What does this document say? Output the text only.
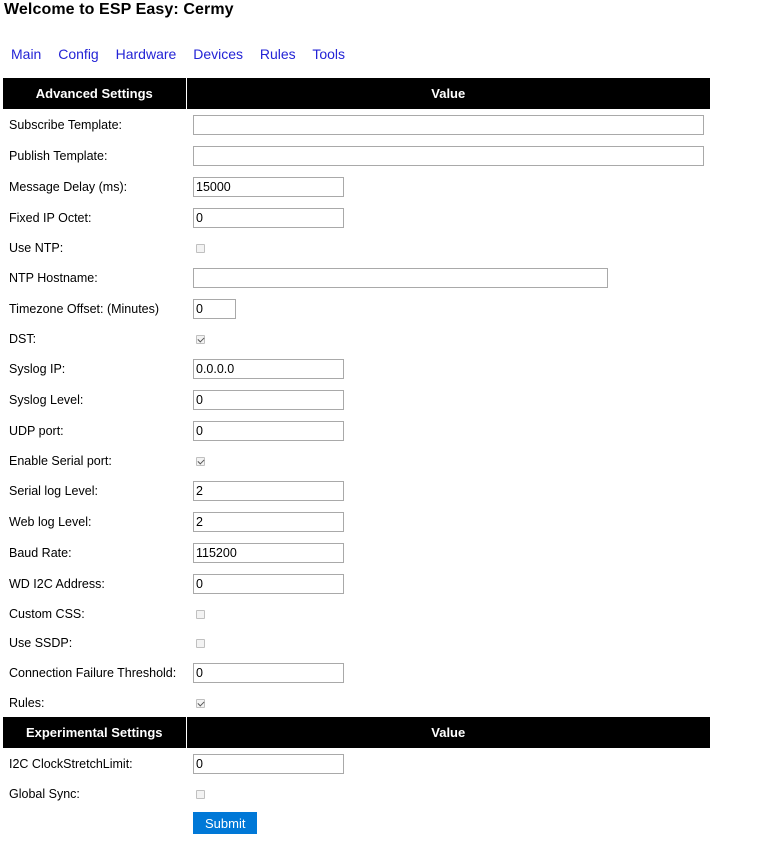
Welcome to ESP Easy: Cermy
Main Config Hardware Devices Rules Tools
Advanced Settings	Value
Subscribe Template:	
Publish Template:	
Message Delay (ms):	15000
Fixed IP Octet:	0
Use NTP:	
NTP Hostname:	
Timezone Offset: (Minutes)	0
DST:	
Syslog IP:	0.0.0.0
Syslog Level:	0
UDP port:	0
Enable Serial port:	
Serial log Level:	2
Web log Level:	2
Baud Rate:	115200
WD I2C Address:	0
Custom CSS:	
Use SSDP:	
Connection Failure Threshold:	0
Rules:	
Experimental Settings	Value
I2C ClockStretchLimit:	0
Global Sync:	
	Submit
